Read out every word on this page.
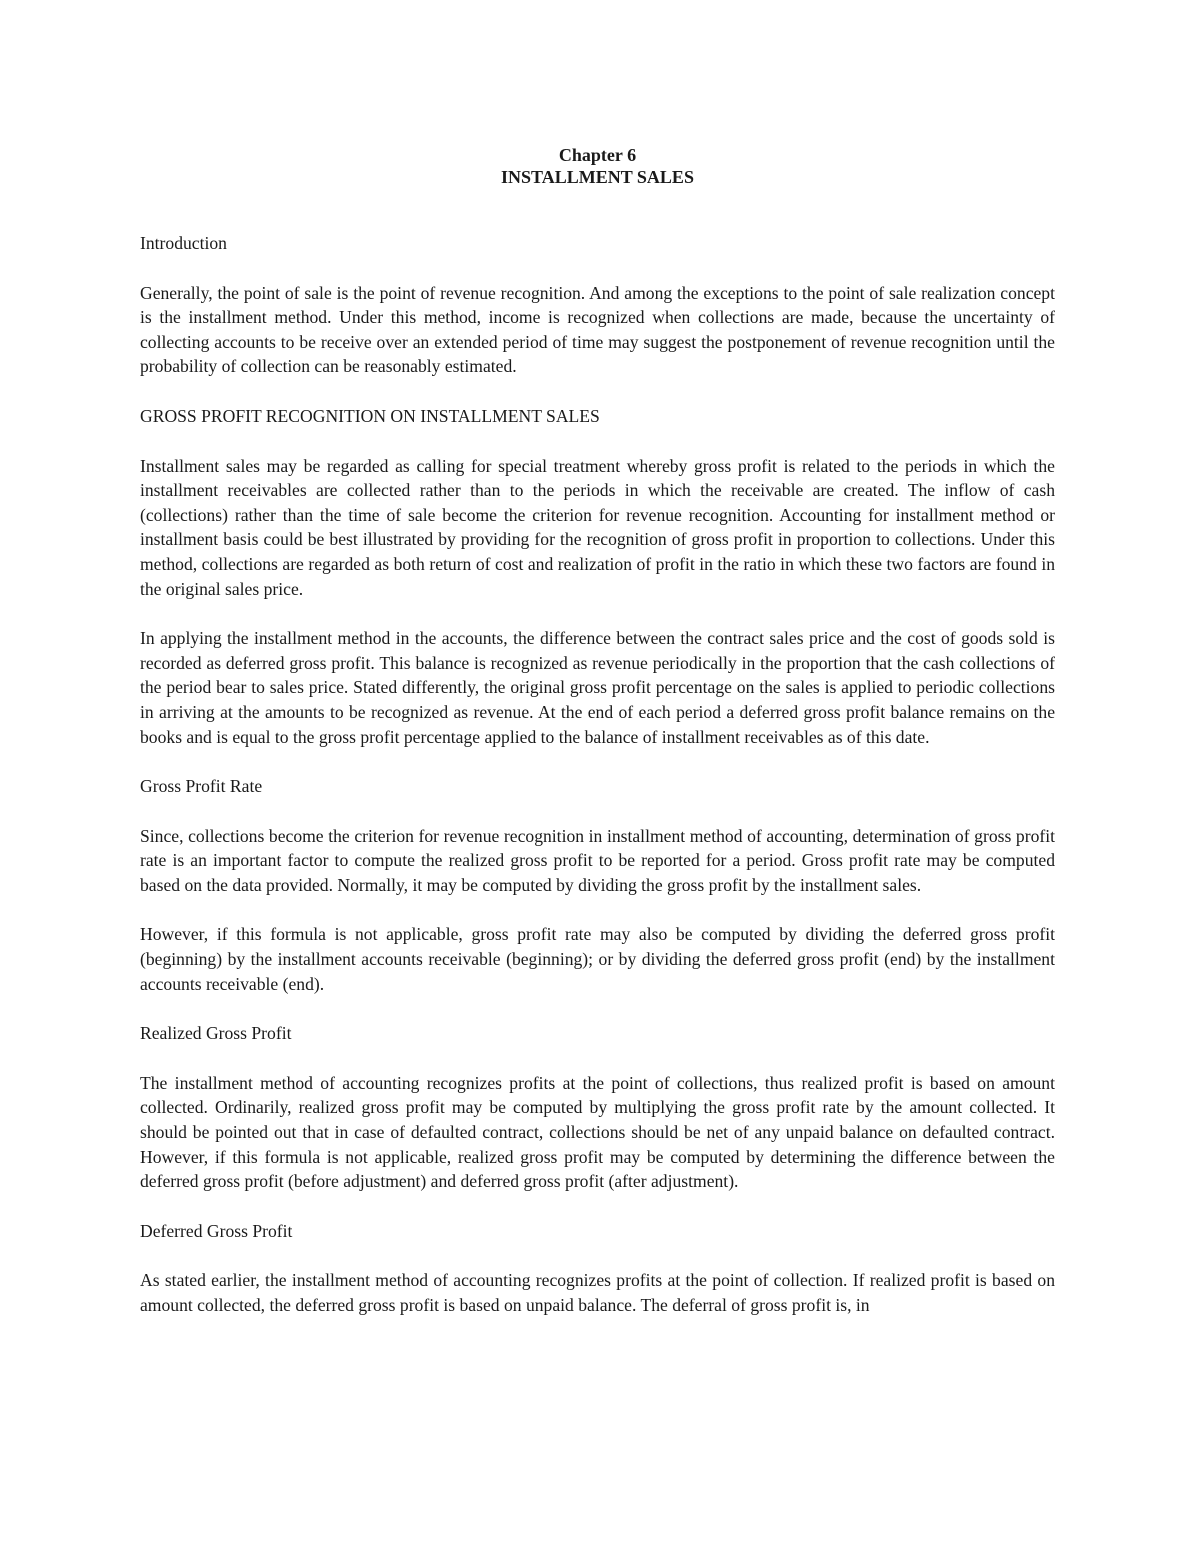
Chapter 6
INSTALLMENT SALES
Introduction

Generally, the point of sale is the point of revenue recognition. And among the exceptions to the point of sale realization concept is the installment method. Under this method, income is recognized when collections are made, because the uncertainty of collecting accounts to be receive over an extended period of time may suggest the postponement of revenue recognition until the probability of collection can be reasonably estimated.

GROSS PROFIT RECOGNITION ON INSTALLMENT SALES

Installment sales may be regarded as calling for special treatment whereby gross profit is related to the periods in which the installment receivables are collected rather than to the periods in which the receivable are created. The inflow of cash (collections) rather than the time of sale become the criterion for revenue recognition. Accounting for installment method or installment basis could be best illustrated by providing for the recognition of gross profit in proportion to collections. Under this method, collections are regarded as both return of cost and realization of profit in the ratio in which these two factors are found in the original sales price.

In applying the installment method in the accounts, the difference between the contract sales price and the cost of goods sold is recorded as deferred gross profit. This balance is recognized as revenue periodically in the proportion that the cash collections of the period bear to sales price. Stated differently, the original gross profit percentage on the sales is applied to periodic collections in arriving at the amounts to be recognized as revenue. At the end of each period a deferred gross profit balance remains on the books and is equal to the gross profit percentage applied to the balance of installment receivables as of this date.

Gross Profit Rate

Since, collections become the criterion for revenue recognition in installment method of accounting, determination of gross profit rate is an important factor to compute the realized gross profit to be reported for a period. Gross profit rate may be computed based on the data provided. Normally, it may be computed by dividing the gross profit by the installment sales.

However, if this formula is not applicable, gross profit rate may also be computed by dividing the deferred gross profit (beginning) by the installment accounts receivable (beginning); or by dividing the deferred gross profit (end) by the installment accounts receivable (end).

Realized Gross Profit

The installment method of accounting recognizes profits at the point of collections, thus realized profit is based on amount collected. Ordinarily, realized gross profit may be computed by multiplying the gross profit rate by the amount collected. It should be pointed out that in case of defaulted contract, collections should be net of any unpaid balance on defaulted contract. However, if this formula is not applicable, realized gross profit may be computed by determining the difference between the deferred gross profit (before adjustment) and deferred gross profit (after adjustment).

Deferred Gross Profit

As stated earlier, the installment method of accounting recognizes profits at the point of collection. If realized profit is based on amount collected, the deferred gross profit is based on unpaid balance. The deferral of gross profit is, in
